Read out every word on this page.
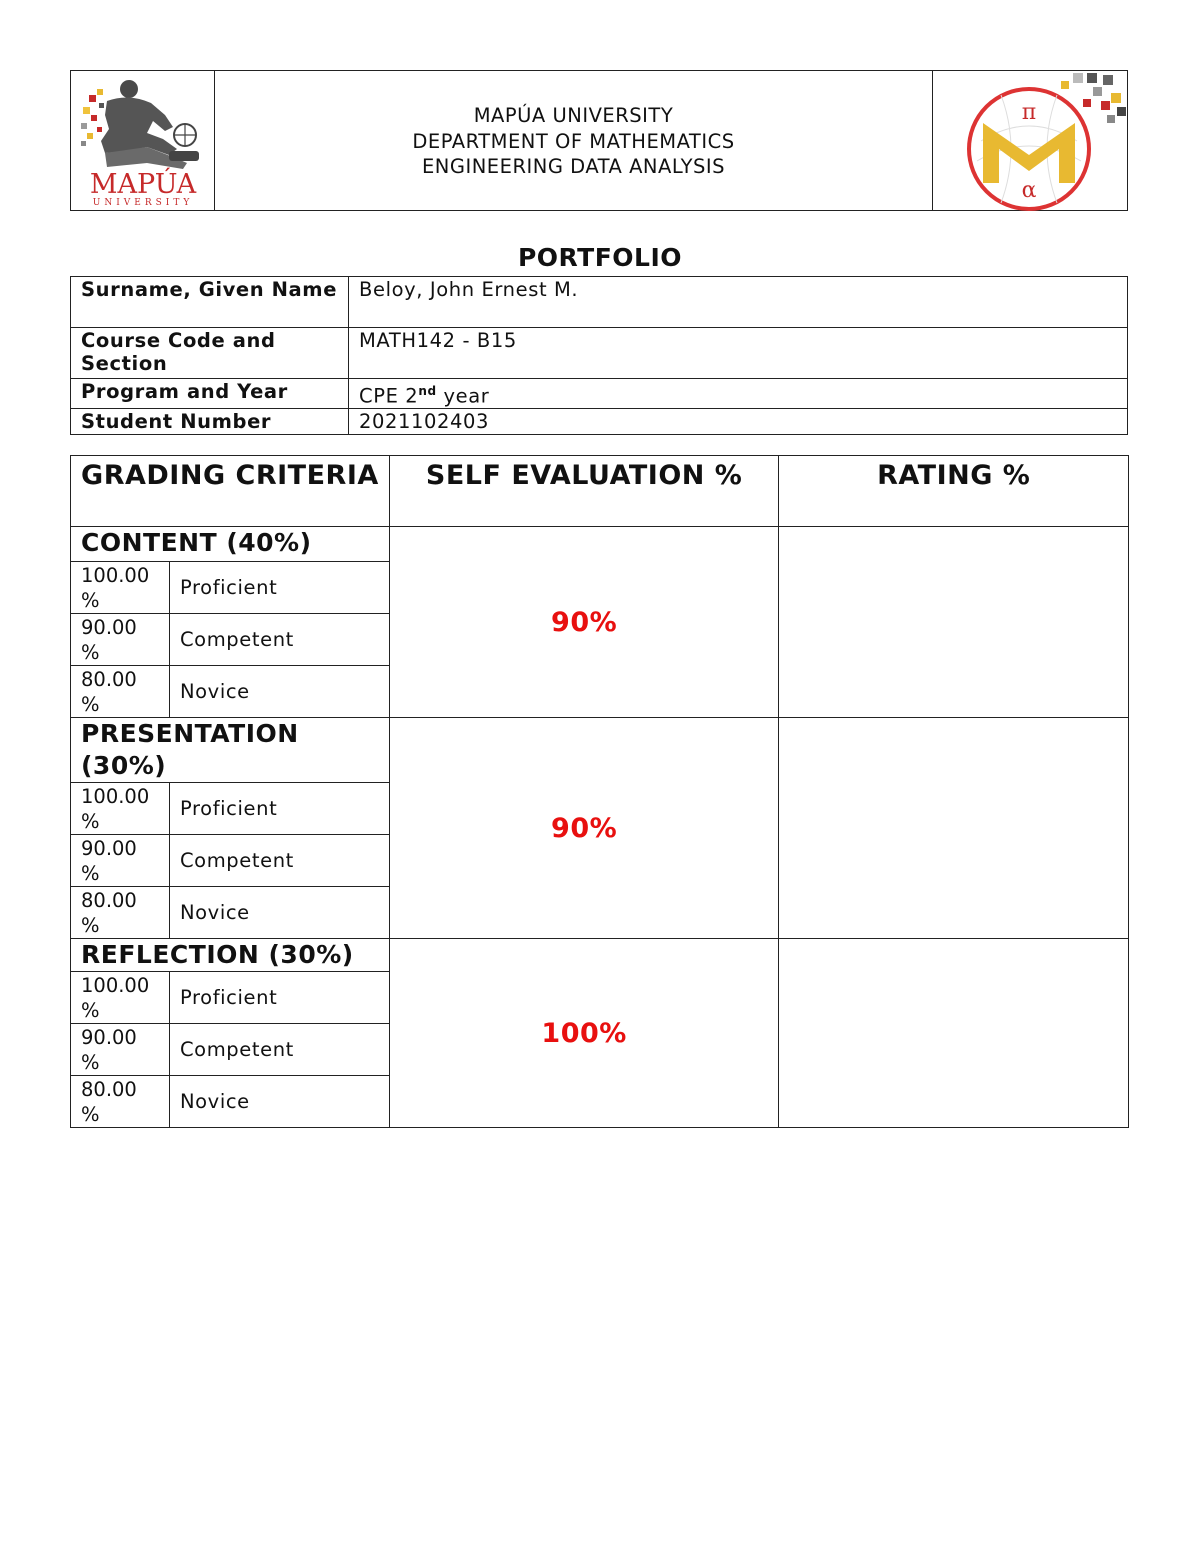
MAPÚA
UNIVERSITY
MAPÚA UNIVERSITY
DEPARTMENT OF MATHEMATICS
ENGINEERING DATA ANALYSIS
π
α
PORTFOLIO
Surname, Given Name	Beloy, John Ernest M.
Course Code and Section	MATH142 - B15
Program and Year	CPE 2nd year
Student Number	2021102403
GRADING CRITERIA		SELF EVALUATION %	RATING %
CONTENT (40%)		90%	
100.00 %	Proficient		
90.00 %	Competent		
80.00 %	Novice		
PRESENTATION (30%)		90%	
100.00 %	Proficient		
90.00 %	Competent		
80.00 %	Novice		
REFLECTION (30%)		100%	
100.00 %	Proficient		
90.00 %	Competent		
80.00 %	Novice		
